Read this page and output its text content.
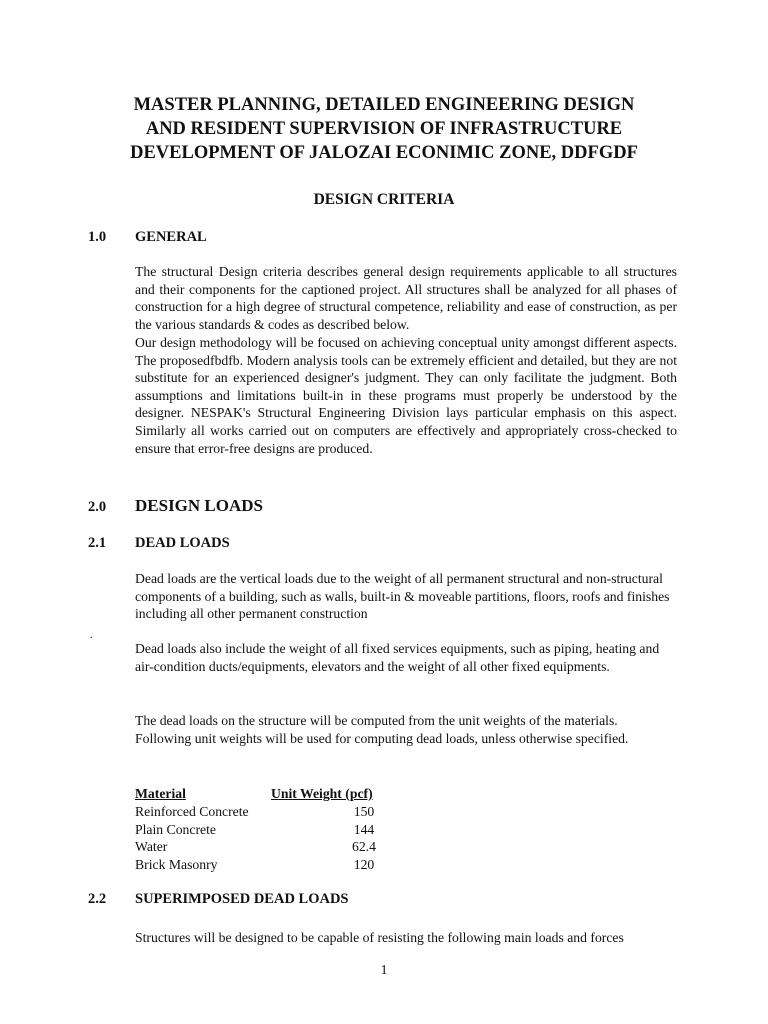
MASTER PLANNING, DETAILED ENGINEERING DESIGN
AND RESIDENT SUPERVISION OF INFRASTRUCTURE
DEVELOPMENT OF JALOZAI ECONIMIC ZONE, DDFGDF
DESIGN CRITERIA
1.0 GENERAL

The structural Design criteria describes general design requirements applicable to all structures and their components for the captioned project. All structures shall be analyzed for all phases of construction for a high degree of structural competence, reliability and ease of construction, as per the various standards & codes as described below.

Our design methodology will be focused on achieving conceptual unity amongst different aspects. The proposedfbdfb. Modern analysis tools can be extremely efficient and detailed, but they are not substitute for an experienced designer's judgment. They can only facilitate the judgment. Both assumptions and limitations built-in in these programs must properly be understood by the designer. NESPAK's Structural Engineering Division lays particular emphasis on this aspect. Similarly all works carried out on computers are effectively and appropriately cross-checked to ensure that error-free designs are produced.

2.0 DESIGN LOADS
2.1 DEAD LOADS

Dead loads are the vertical loads due to the weight of all permanent structural and non-structural components of a building, such as walls, built-in & moveable partitions, floors, roofs and finishes including all other permanent construction

.

Dead loads also include the weight of all fixed services equipments, such as piping, heating and air-condition ducts/equipments, elevators and the weight of all other fixed equipments.

The dead loads on the structure will be computed from the unit weights of the materials. Following unit weights will be used for computing dead loads, unless otherwise specified.

Material	Unit Weight (pcf)
Reinforced Concrete	150
Plain Concrete	144
Water	62.4
Brick Masonry	120
2.2 SUPERIMPOSED DEAD LOADS

Structures will be designed to be capable of resisting the following main loads and forces

1
